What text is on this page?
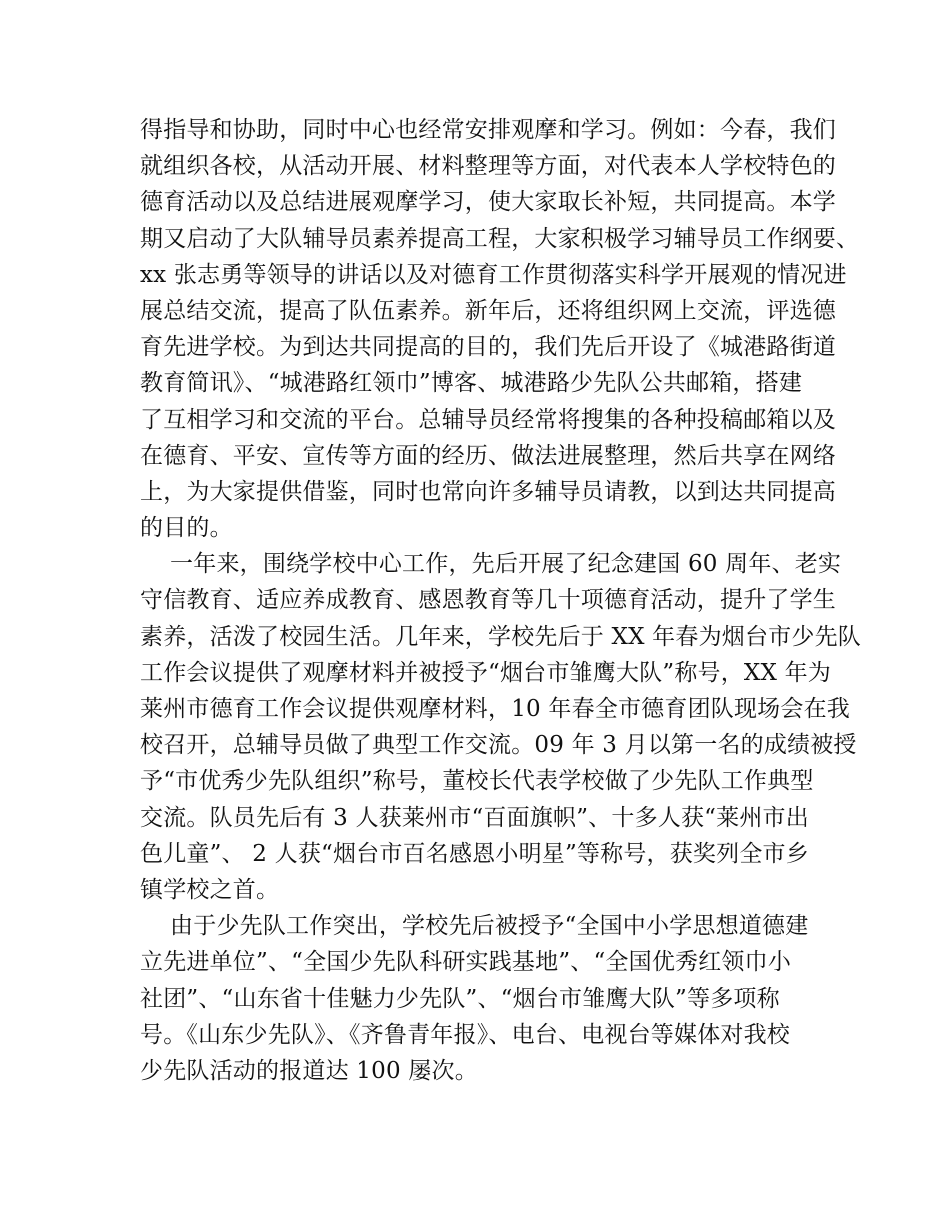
得指导和协助，同时中心也经常安排观摩和学习。例如：今春，我们
就组织各校，从活动开展、材料整理等方面，对代表本人学校特色的
德育活动以及总结进展观摩学习，使大家取长补短，共同提高。本学
期又启动了大队辅导员素养提高工程，大家积极学习辅导员工作纲要、
xx 张志勇等领导的讲话以及对德育工作贯彻落实科学开展观的情况进
展总结交流，提高了队伍素养。新年后，还将组织网上交流，评选德
育先进学校。为到达共同提高的目的，我们先后开设了《城港路街道
教育简讯》、“城港路红领巾”博客、城港路少先队公共邮箱，搭建
了互相学习和交流的平台。总辅导员经常将搜集的各种投稿邮箱以及
在德育、平安、宣传等方面的经历、做法进展整理，然后共享在网络
上，为大家提供借鉴，同时也常向许多辅导员请教，以到达共同提高
的目的。
一年来，围绕学校中心工作，先后开展了纪念建国 60 周年、老实
守信教育、适应养成教育、感恩教育等几十项德育活动，提升了学生
素养，活泼了校园生活。几年来，学校先后于 XX 年春为烟台市少先队
工作会议提供了观摩材料并被授予“烟台市雏鹰大队”称号，XX 年为
莱州市德育工作会议提供观摩材料，10 年春全市德育团队现场会在我
校召开，总辅导员做了典型工作交流。09 年 3 月以第一名的成绩被授
予“市优秀少先队组织”称号，董校长代表学校做了少先队工作典型
交流。队员先后有 3 人获莱州市“百面旗帜”、十多人获“莱州市出
色儿童”、 2 人获“烟台市百名感恩小明星”等称号，获奖列全市乡
镇学校之首。
由于少先队工作突出，学校先后被授予“全国中小学思想道德建
立先进单位”、“全国少先队科研实践基地”、“全国优秀红领巾小
社团”、“山东省十佳魅力少先队”、“烟台市雏鹰大队”等多项称
号。《山东少先队》、《齐鲁青年报》、电台、电视台等媒体对我校
少先队活动的报道达 100 屡次。
